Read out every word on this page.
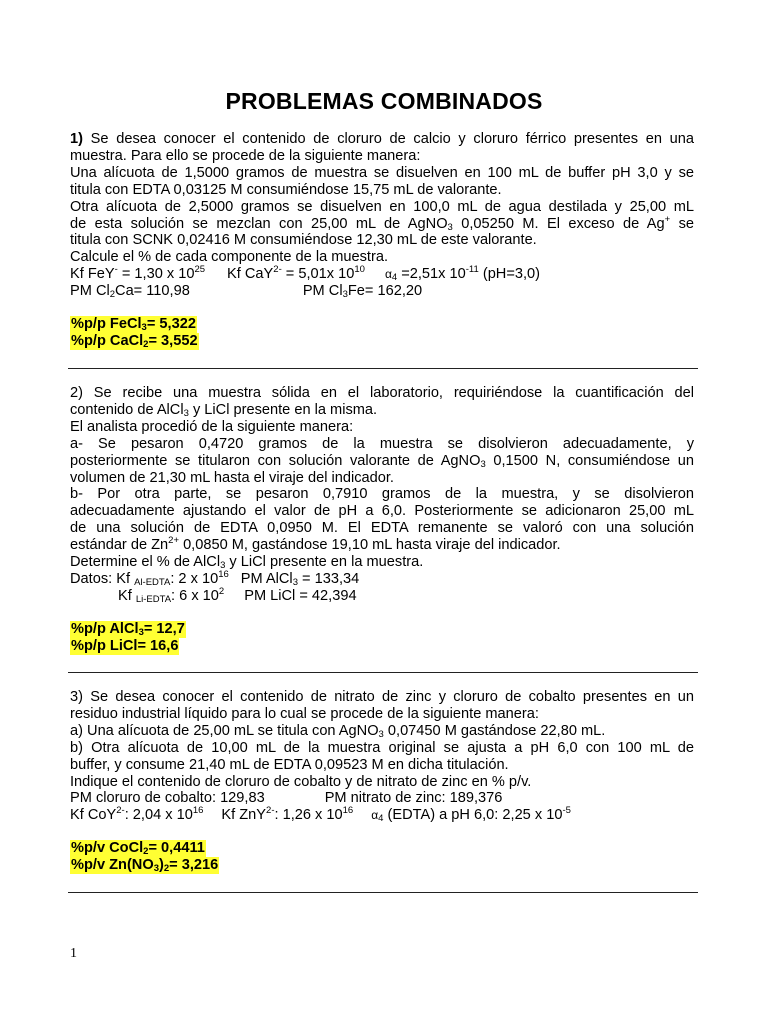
PROBLEMAS COMBINADOS

1) Se desea conocer el contenido de cloruro de calcio y cloruro férrico presentes en una

muestra. Para ello se procede de la siguiente manera:

Una alícuota de 1,5000 gramos de muestra se disuelven en 100 mL de buffer pH 3,0 y se

titula con EDTA 0,03125 M consumiéndose 15,75 mL de valorante.

Otra alícuota de 2,5000 gramos se disuelven en 100,0 mL de agua destilada y 25,00 mL

de esta solución se mezclan con 25,00 mL de AgNO$_3$ 0,05250 M. El exceso de Ag+ se

titula con SCNK 0,02416 M consumiéndose 12,30 mL de este valorante.

Calcule el % de cada componente de la muestra.

Kf FeY- = 1,30 x $10^{25}$ Kf CaY$^{2-}$ = 5,01x $10^{10}$ $\alpha_4 =2,51x$ $10^{-11}$ (pH=3,0)

PM $Cl_2Ca= 110,98$	PM $Cl_3Fe= 162,20$

%p/p FeCl$_3$= 5,322

%p/p CaCl$_2$= 3,552

2) Se recibe una muestra sólida en el laboratorio, requiriéndose la cuantificación del

contenido de AlCl$_3$ y LiCl presente en la misma.

El analista procedió de la siguiente manera:

a- Se pesaron 0,4720 gramos de la muestra se disolvieron adecuadamente, y

posteriormente se titularon con solución valorante de AgNO$_3$ 0,1500 N, consumiéndose un

volumen de 21,30 mL hasta el viraje del indicador.

b- Por otra parte, se pesaron 0,7910 gramos de la muestra, y se disolvieron

adecuadamente ajustando el valor de pH a 6,0. Posteriormente se adicionaron 25,00 mL

de una solución de EDTA 0,0950 M. El EDTA remanente se valoró con una solución

estándar de $Zn^{2+}$ 0,0850 M, gastándose 19,10 mL hasta viraje del indicador.

Determine el % de AlCl$_3$ y LiCl presente en la muestra.

Datos: Kf $_{Al-EDTA}$: 2 x $10^{16}$ PM AlCl$_3$ = 133,34

Kf $_{Li-EDTA}$: 6 x $10^2$ PM LiCl = 42,394

%p/p AlCl$_3$= 12,7

%p/p LiCl= 16,6

3) Se desea conocer el contenido de nitrato de zinc y cloruro de cobalto presentes en un

residuo industrial líquido para lo cual se procede de la siguiente manera:

a) Una alícuota de 25,00 mL se titula con AgNO$_3$ 0,07450 M gastándose 22,80 mL.

b) Otra alícuota de 10,00 mL de la muestra original se ajusta a pH 6,0 con 100 mL de

buffer, y consume 21,40 mL de EDTA 0,09523 M en dicha titulación.

Indique el contenido de cloruro de cobalto y de nitrato de zinc en % p/v.

PM cloruro de cobalto: 129,83	PM nitrato de zinc: 189,376

Kf CoY$^{2-}$: 2,04 x $10^{16}$ Kf ZnY$^{2-}$: 1,26 x $10^{16}$ $\alpha_4$ (EDTA) a pH 6,0: 2,25 x $10^{-5}$

%p/v CoCl$_2$= 0,4411

%p/v $Zn(NO_3)_2= 3,216$

1
